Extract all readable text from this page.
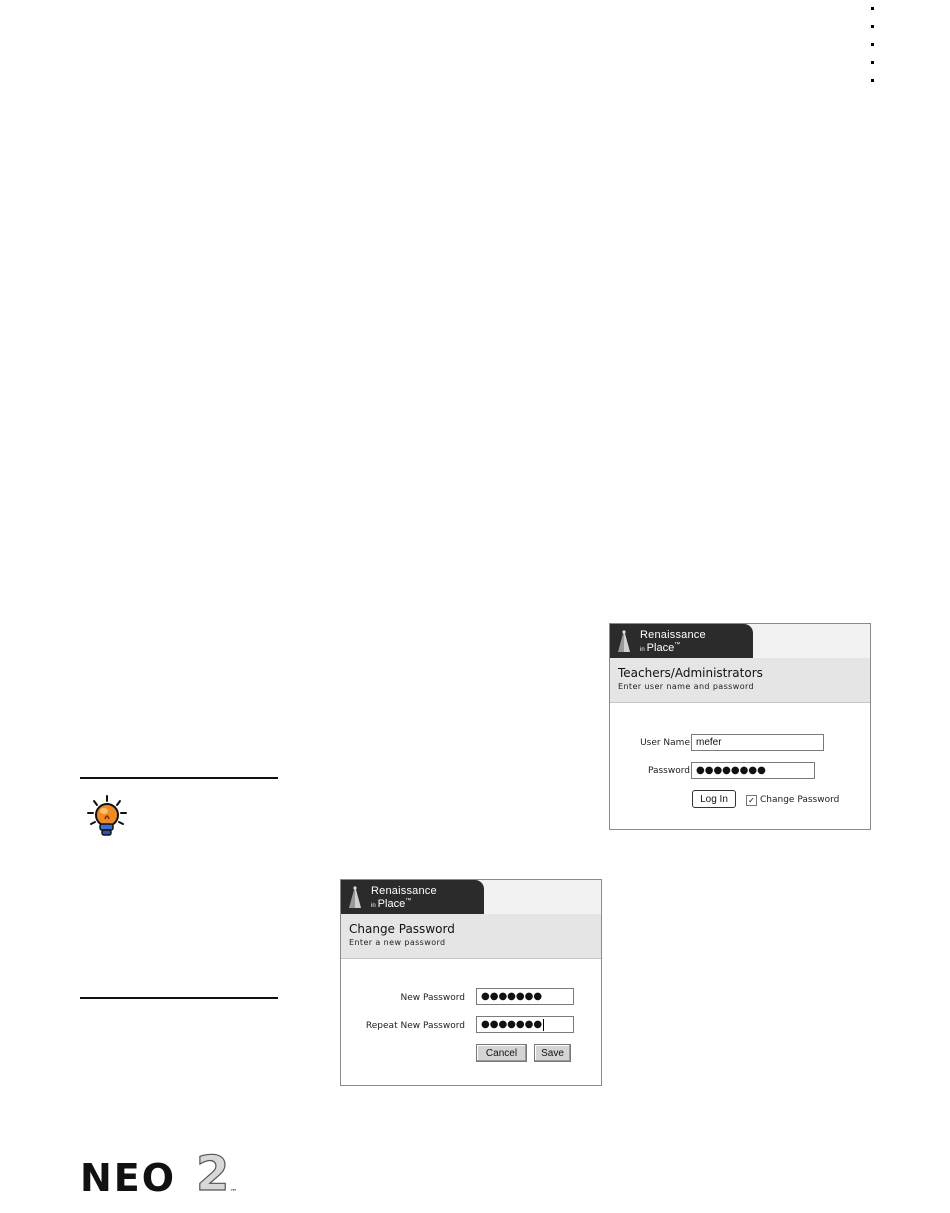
Renaissance
in Place™
Teachers/Administrators
Enter user name and password
User Name mefer
Password ●●●●●●●●
Log In	✓ Change Password
Renaissance
in Place™
Change Password
Enter a new password
New Password	●●●●●●●
Repeat New Password ●●●●●●●
Cancel	Save
NEO 2 ™
